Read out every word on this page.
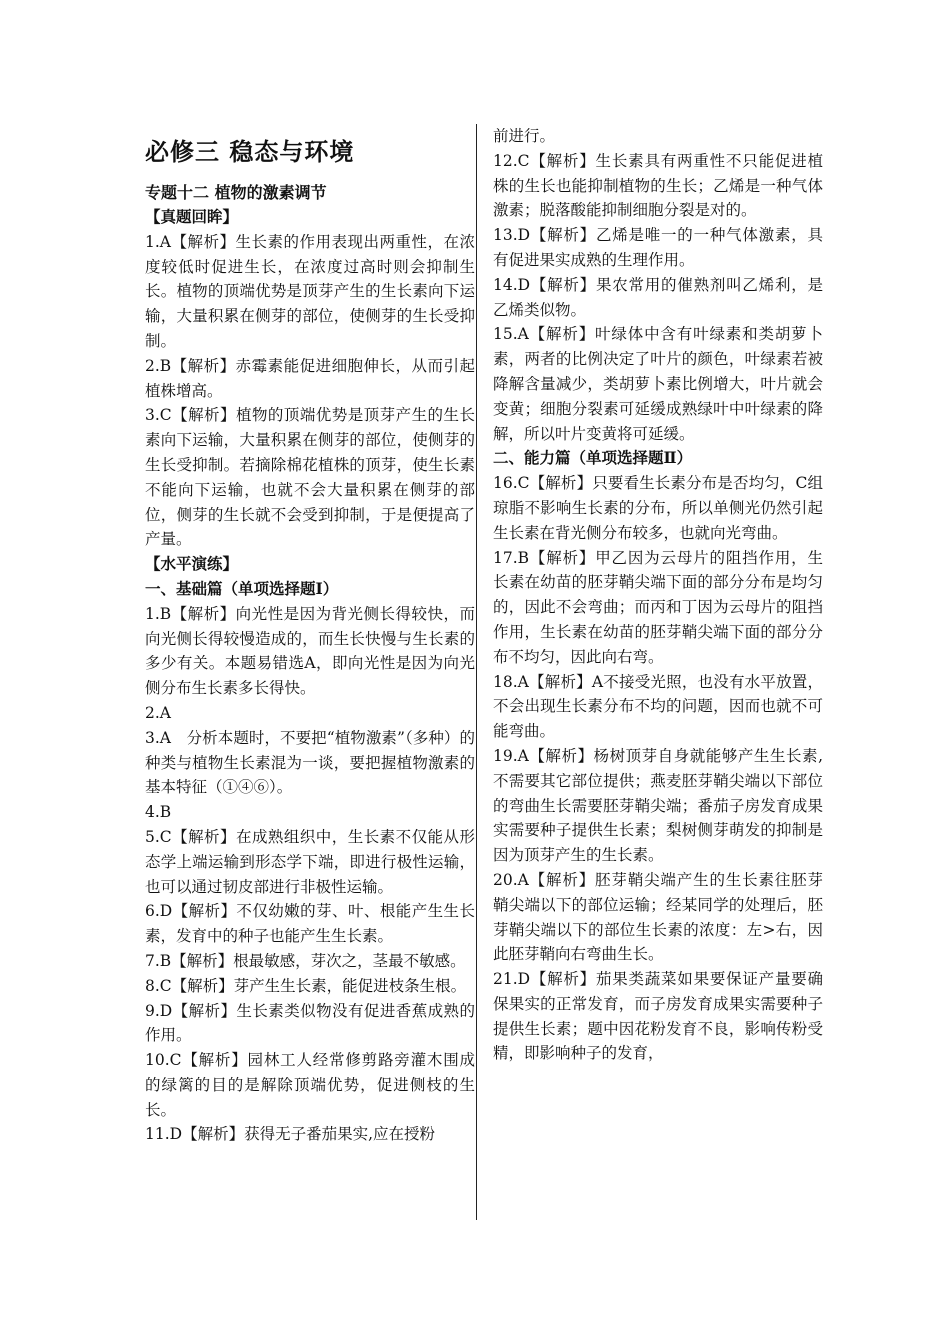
必修三 稳态与环境
专题十二 植物的激素调节
【真题回眸】

1.A【解析】生长素的作用表现出两重性，在浓度较低时促进生长，在浓度过高时则会抑制生长。植物的顶端优势是顶芽产生的生长素向下运输，大量积累在侧芽的部位，使侧芽的生长受抑制。

2.B【解析】赤霉素能促进细胞伸长，从而引起植株增高。

3.C【解析】植物的顶端优势是顶芽产生的生长素向下运输，大量积累在侧芽的部位，使侧芽的生长受抑制。若摘除棉花植株的顶芽，使生长素不能向下运输，也就不会大量积累在侧芽的部位，侧芽的生长就不会受到抑制，于是便提高了产量。

【水平演练】
一、基础篇（单项选择题Ⅰ）

1.B【解析】向光性是因为背光侧长得较快，而向光侧长得较慢造成的，而生长快慢与生长素的多少有关。本题易错选A，即向光性是因为向光侧分布生长素多长得快。

2.A

3.A　分析本题时，不要把“植物激素”（多种）的种类与植物生长素混为一谈，要把握植物激素的基本特征（①④⑥）。

4.B

5.C【解析】在成熟组织中，生长素不仅能从形态学上端运输到形态学下端，即进行极性运输，也可以通过韧皮部进行非极性运输。

6.D【解析】不仅幼嫩的芽、叶、根能产生生长素，发育中的种子也能产生生长素。

7.B【解析】根最敏感，芽次之，茎最不敏感。

8.C【解析】芽产生生长素，能促进枝条生根。

9.D【解析】生长素类似物没有促进香蕉成熟的作用。

10.C【解析】园林工人经常修剪路旁灌木围成的绿篱的目的是解除顶端优势，促进侧枝的生长。

11.D【解析】获得无子番茄果实,应在授粉

前进行。

12.C【解析】生长素具有两重性不只能促进植株的生长也能抑制植物的生长；乙烯是一种气体激素；脱落酸能抑制细胞分裂是对的。

13.D【解析】乙烯是唯一的一种气体激素，具有促进果实成熟的生理作用。

14.D【解析】果农常用的催熟剂叫乙烯利，是乙烯类似物。

15.A【解析】叶绿体中含有叶绿素和类胡萝卜素，两者的比例决定了叶片的颜色，叶绿素若被降解含量减少，类胡萝卜素比例增大，叶片就会变黄；细胞分裂素可延缓成熟绿叶中叶绿素的降解，所以叶片变黄将可延缓。

二、能力篇（单项选择题Ⅱ）

16.C【解析】只要看生长素分布是否均匀，C组琼脂不影响生长素的分布，所以单侧光仍然引起生长素在背光侧分布较多，也就向光弯曲。

17.B【解析】甲乙因为云母片的阻挡作用，生长素在幼苗的胚芽鞘尖端下面的部分分布是均匀的，因此不会弯曲；而丙和丁因为云母片的阻挡作用，生长素在幼苗的胚芽鞘尖端下面的部分分布不均匀，因此向右弯。

18.A【解析】A不接受光照，也没有水平放置，不会出现生长素分布不均的问题，因而也就不可能弯曲。

19.A【解析】杨树顶芽自身就能够产生生长素,不需要其它部位提供；燕麦胚芽鞘尖端以下部位的弯曲生长需要胚芽鞘尖端；番茄子房发育成果实需要种子提供生长素；梨树侧芽萌发的抑制是因为顶芽产生的生长素。

20.A【解析】胚芽鞘尖端产生的生长素往胚芽鞘尖端以下的部位运输；经某同学的处理后，胚芽鞘尖端以下的部位生长素的浓度：左>右，因此胚芽鞘向右弯曲生长。

21.D【解析】茄果类蔬菜如果要保证产量要确保果实的正常发育，而子房发育成果实需要种子提供生长素；题中因花粉发育不良，影响传粉受精，即影响种子的发育，
